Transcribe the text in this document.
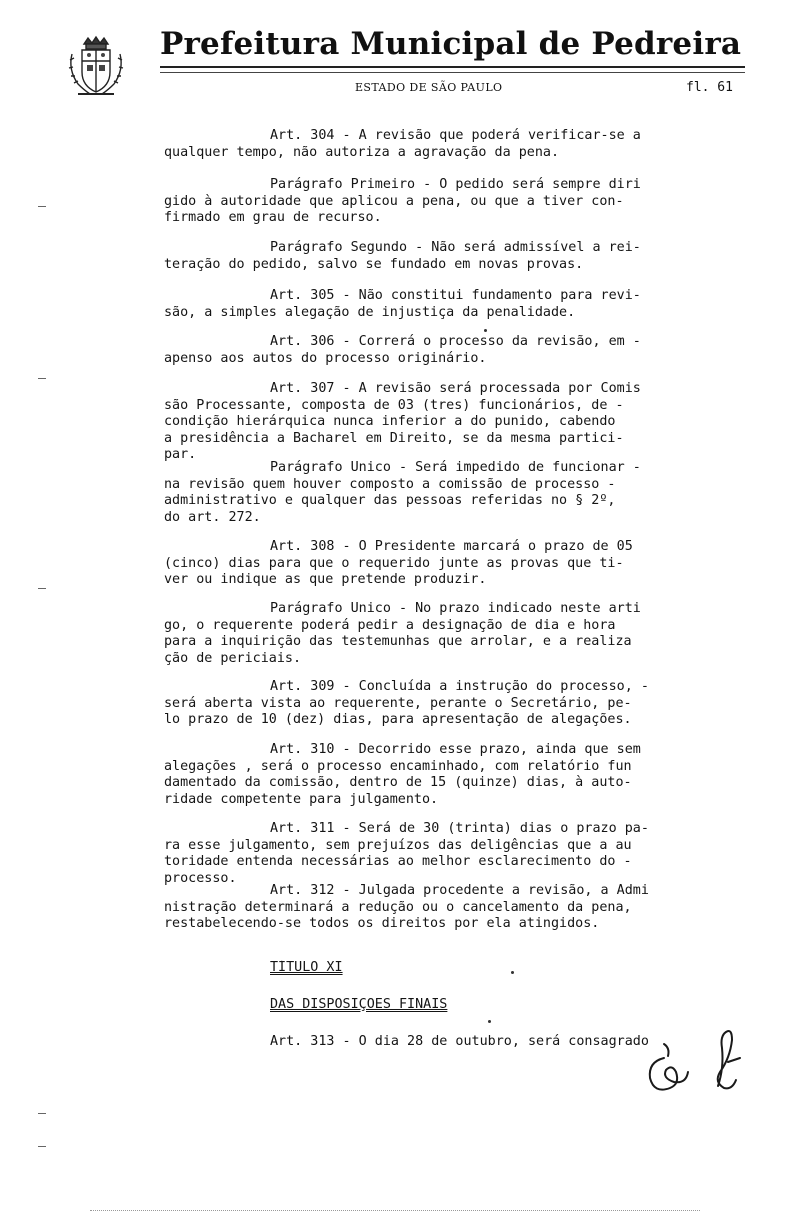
Prefeitura Municipal de Pedreira
ESTADO DE SÃO PAULO	fl. 61
Art. 304 - A revisão que poderá verificar-se a
qualquer tempo, não autoriza a agravação da pena.
Parágrafo Primeiro - O pedido será sempre diri
gido à autoridade que aplicou a pena, ou que a tiver con-
firmado em grau de recurso.
Parágrafo Segundo - Não será admissível a rei-
teração do pedido, salvo se fundado em novas provas.
Art. 305 - Não constitui fundamento para revi-
são, a simples alegação de injustiça da penalidade.
Art. 306 - Correrá o processo da revisão, em -
apenso aos autos do processo originário.
Art. 307 - A revisão será processada por Comis
são Processante, composta de 03 (tres) funcionários, de -
condição hierárquica nunca inferior a do punido, cabendo
a presidência a Bacharel em Direito, se da mesma partici-
par.
Parágrafo Único - Será impedido de funcionar -
na revisão quem houver composto a comissão de processo -
administrativo e qualquer das pessoas referidas no § 2º,
do art. 272.
Art. 308 - O Presidente marcará o prazo de 05
(cinco) dias para que o requerido junte as provas que ti-
ver ou indique as que pretende produzir.
Parágrafo Único - No prazo indicado neste arti
go, o requerente poderá pedir a designação de dia e hora
para a inquirição das testemunhas que arrolar, e a realiza
ção de periciais.
Art. 309 - Concluída a instrução do processo, -
será aberta vista ao requerente, perante o Secretário, pe-
lo prazo de 10 (dez) dias, para apresentação de alegações.
Art. 310 - Decorrido esse prazo, ainda que sem
alegações , será o processo encaminhado, com relatório fun
damentado da comissão, dentro de 15 (quinze) dias, à auto-
ridade competente para julgamento.
Art. 311 - Será de 30 (trinta) dias o prazo pa-
ra esse julgamento, sem prejuízos das deligências que a au
toridade entenda necessárias ao melhor esclarecimento do -
processo.
Art. 312 - Julgada procedente a revisão, a Admi
nistração determinará a redução ou o cancelamento da pena,
restabelecendo-se todos os direitos por ela atingidos.
TÍTULO XI
DAS DISPOSIÇÕES FINAIS
Art. 313 - O dia 28 de outubro, será consagrado
